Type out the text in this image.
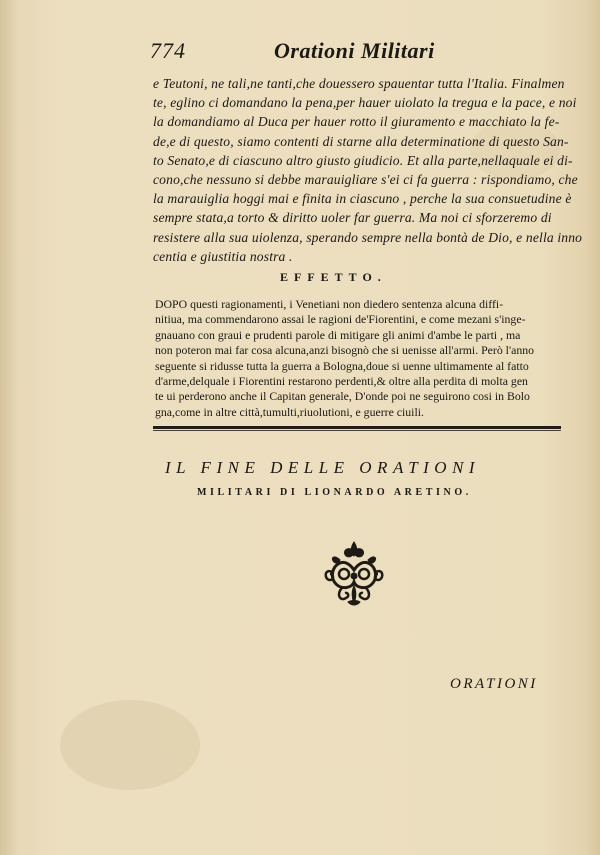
774	Orationi Militari
e Teutoni, ne tali,ne tanti,che douessero spauentar tutta l'Italia. Finalmen
te, eglino ci domandano la pena,per hauer uiolato la tregua e la pace, e noi
la domandiamo al Duca per hauer rotto il giuramento e macchiato la fe-
de,e di questo, siamo contenti di starne alla determinatione di questo San-
to Senato,e di ciascuno altro giusto giudicio. Et alla parte,nellaquale ei di-
cono,che nessuno si debbe marauigliare s'ei ci fa guerra : rispondiamo, che
la marauiglia hoggi mai e finita in ciascuno , perche la sua consuetudine è
sempre stata,a torto & diritto uoler far guerra. Ma noi ci sforzeremo di
resistere alla sua uiolenza, sperando sempre nella bontà de Dio, e nella inno
centia e giustitia nostra .
EFFETTO.
DOPO questi ragionamenti, i Venetiani non diedero sentenza alcuna diffi-
nitiua, ma commendarono assai le ragioni de'Fiorentini, e come mezani s'inge-
gnauano con graui e prudenti parole di mitigare gli animi d'ambe le parti , ma
non poteron mai far cosa alcuna,anzi bisognò che si uenisse all'armi. Però l'anno
seguente si ridusse tutta la guerra a Bologna,doue si uenne ultimamente al fatto
d'arme,delquale i Fiorentini restarono perdenti,& oltre alla perdita di molta gen
te ui perderono anche il Capitan generale, D'onde poi ne seguirono cosi in Bolo
gna,come in altre città,tumulti,riuolutioni, e guerre ciuili.
IL FINE DELLE ORATIONI
MILITARI DI LIONARDO ARETINO.
ORATIONI
